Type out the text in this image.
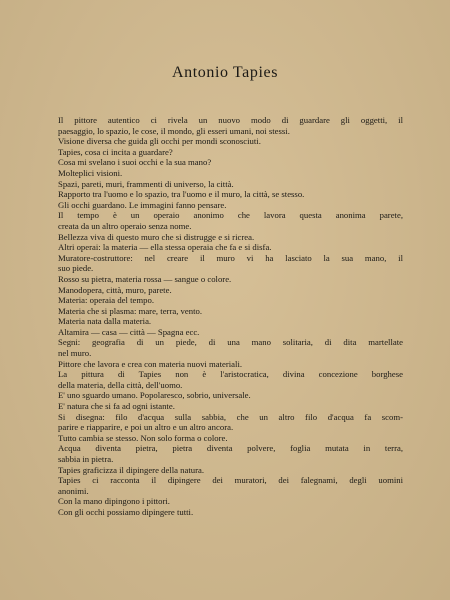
Antonio Tapies
Il pittore autentico ci rivela un nuovo modo di guardare gli oggetti, il
paesaggio, lo spazio, le cose, il mondo, gli esseri umani, noi stessi.
Visione diversa che guida gli occhi per mondi sconosciuti.
Tapies, cosa ci incita a guardare?
Cosa mi svelano i suoi occhi e la sua mano?
Molteplici visioni.
Spazi, pareti, muri, frammenti di universo, la città.
Rapporto tra l'uomo e lo spazio, tra l'uomo e il muro, la città, se stesso.
Gli occhi guardano. Le immagini fanno pensare.
Il tempo è un operaio anonimo che lavora questa anonima parete,
creata da un altro operaio senza nome.
Bellezza viva di questo muro che si distrugge e si ricrea.
Altri operai: la materia — ella stessa operaia che fa e si disfa.
Muratore-costruttore: nel creare il muro vi ha lasciato la sua mano, il
suo piede.
Rosso su pietra, materia rossa — sangue o colore.
Manodopera, città, muro, parete.
Materia: operaia del tempo.
Materia che si plasma: mare, terra, vento.
Materia nata dalla materia.
Altamira — casa — città — Spagna ecc.
Segni: geografia di un piede, di una mano solitaria, di dita martellate
nel muro.
Pittore che lavora e crea con materia nuovi materiali.
La pittura di Tapies non è l'aristocratica, divina concezione borghese
della materia, della città, dell'uomo.
E' uno sguardo umano. Popolaresco, sobrio, universale.
E' natura che si fa ad ogni istante.
Si disegna: filo d'acqua sulla sabbia, che un altro filo d'acqua fa scom-
parire e riapparire, e poi un altro e un altro ancora.
Tutto cambia se stesso. Non solo forma o colore.
Acqua diventa pietra, pietra diventa polvere, foglia mutata in terra,
sabbia in pietra.
Tapies graficizza il dipingere della natura.
Tapies ci racconta il dipingere dei muratori, dei falegnami, degli uomini
anonimi.
Con la mano dipingono i pittori.
Con gli occhi possiamo dipingere tutti.
